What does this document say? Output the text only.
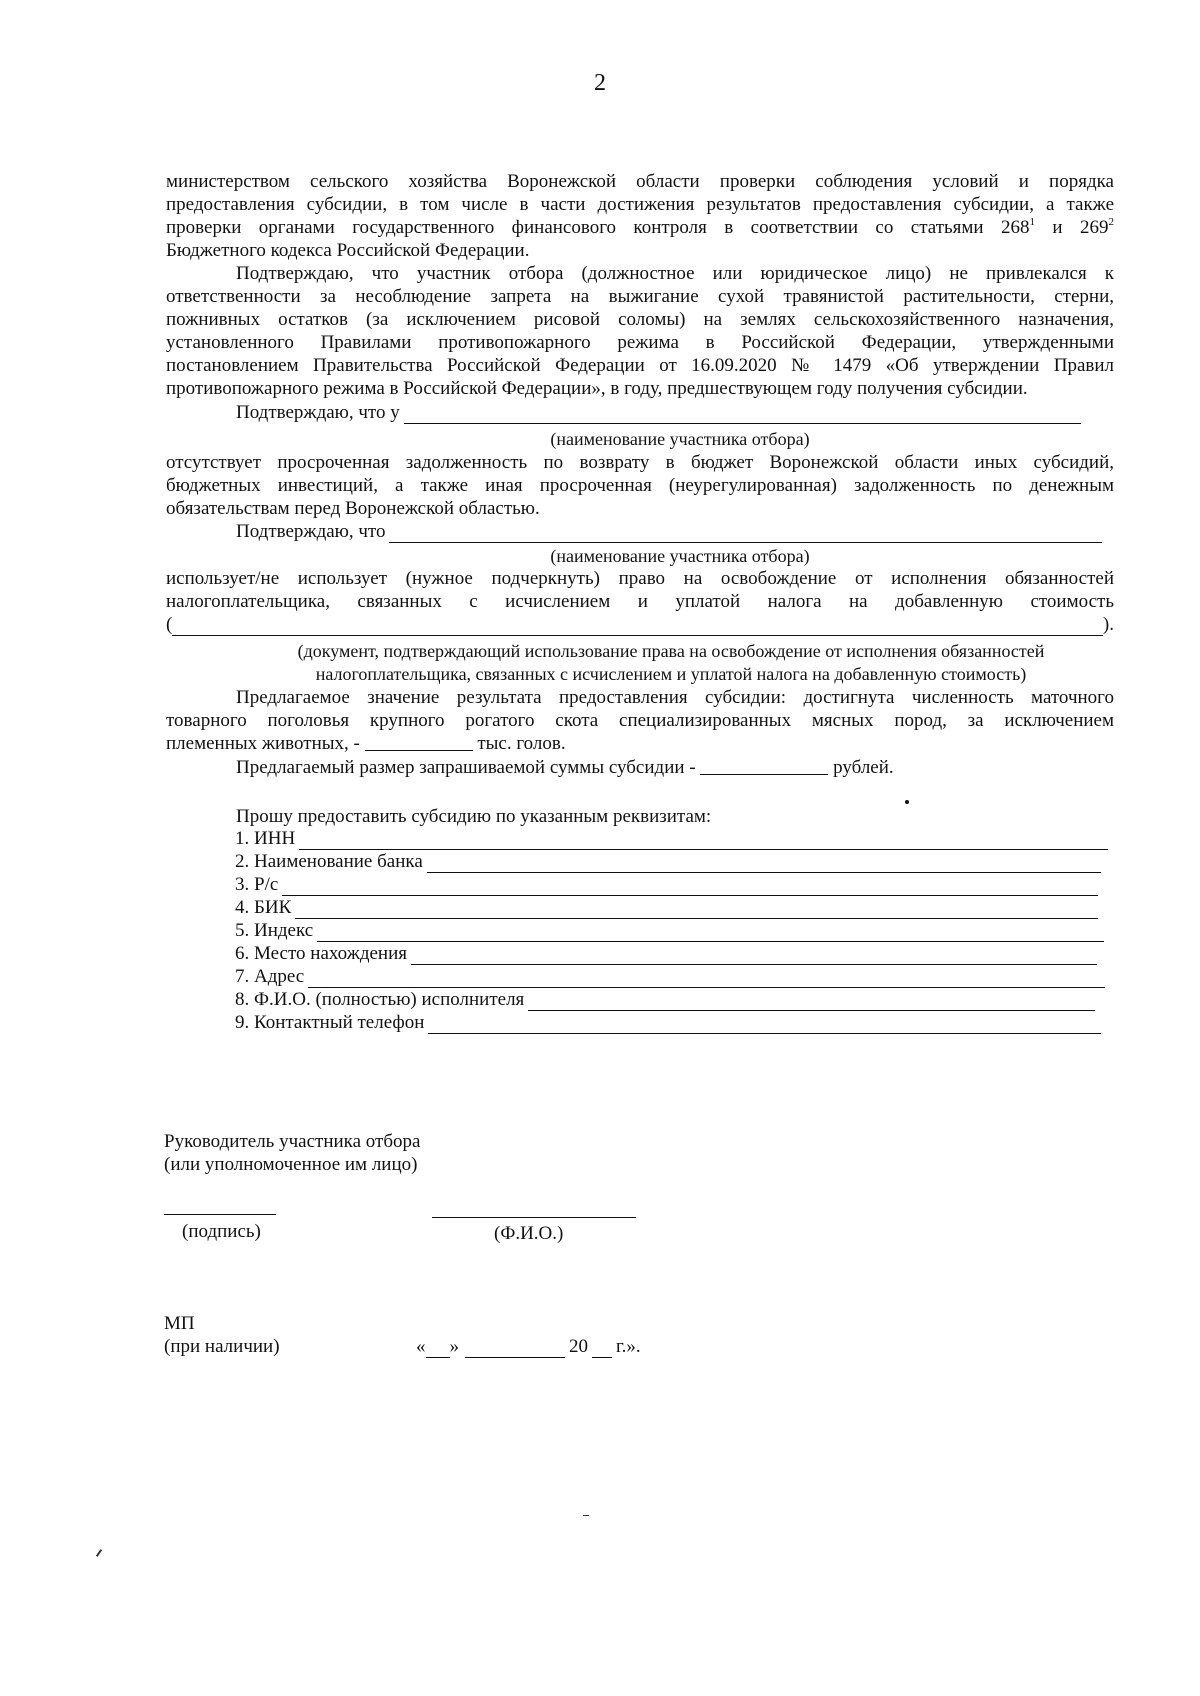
2
министерством сельского хозяйства Воронежской области проверки соблюдения условий и порядка
предоставления субсидии, в том числе в части достижения результатов предоставления субсидии, а также
проверки органами государственного финансового контроля в соответствии со статьями $268^1$ и $269^2$
Бюджетного кодекса Российской Федерации.
Подтверждаю, что участник отбора (должностное или юридическое лицо) не привлекался к
ответственности за несоблюдение запрета на выжигание сухой травянистой растительности, стерни,
пожнивных остатков (за исключением рисовой соломы) на землях сельскохозяйственного назначения,
установленного Правилами противопожарного режима в Российской Федерации, утвержденными
постановлением Правительства Российской Федерации от 16.09.2020 № 1479 «Об утверждении Правил
противопожарного режима в Российской Федерации», в году, предшествующем году получения субсидии.
Подтверждаю, что у
(наименование участника отбора)
отсутствует просроченная задолженность по возврату в бюджет Воронежской области иных субсидий,
бюджетных инвестиций, а также иная просроченная (неурегулированная) задолженность по денежным
обязательствам перед Воронежской областью.
Подтверждаю, что
(наименование участника отбора)
использует/не использует (нужное подчеркнуть) право на освобождение от исполнения обязанностей
налогоплательщика, связанных с исчислением и уплатой налога на добавленную стоимость
(	).
(документ, подтверждающий использование права на освобождение от исполнения обязанностей
налогоплательщика, связанных с исчислением и уплатой налога на добавленную стоимость)
Предлагаемое значение результата предоставления субсидии: достигнута численность маточного
товарного поголовья крупного рогатого скота специализированных мясных пород, за исключением
племенных животных, -	тыс. голов.
Предлагаемый размер запрашиваемой суммы субсидии -	рублей.
Прошу предоставить субсидию по указанным реквизитам:
1. ИНН
2. Наименование банка
3. Р/с
4. БИК
5. Индекс
6. Место нахождения
7. Адрес
8. Ф.И.О. (полностью) исполнителя
9. Контактный телефон
Руководитель участника отбора
(или уполномоченное им лицо)
(подпись)	(Ф.И.О.)
МП
(при наличии)	« »	20 г.».
